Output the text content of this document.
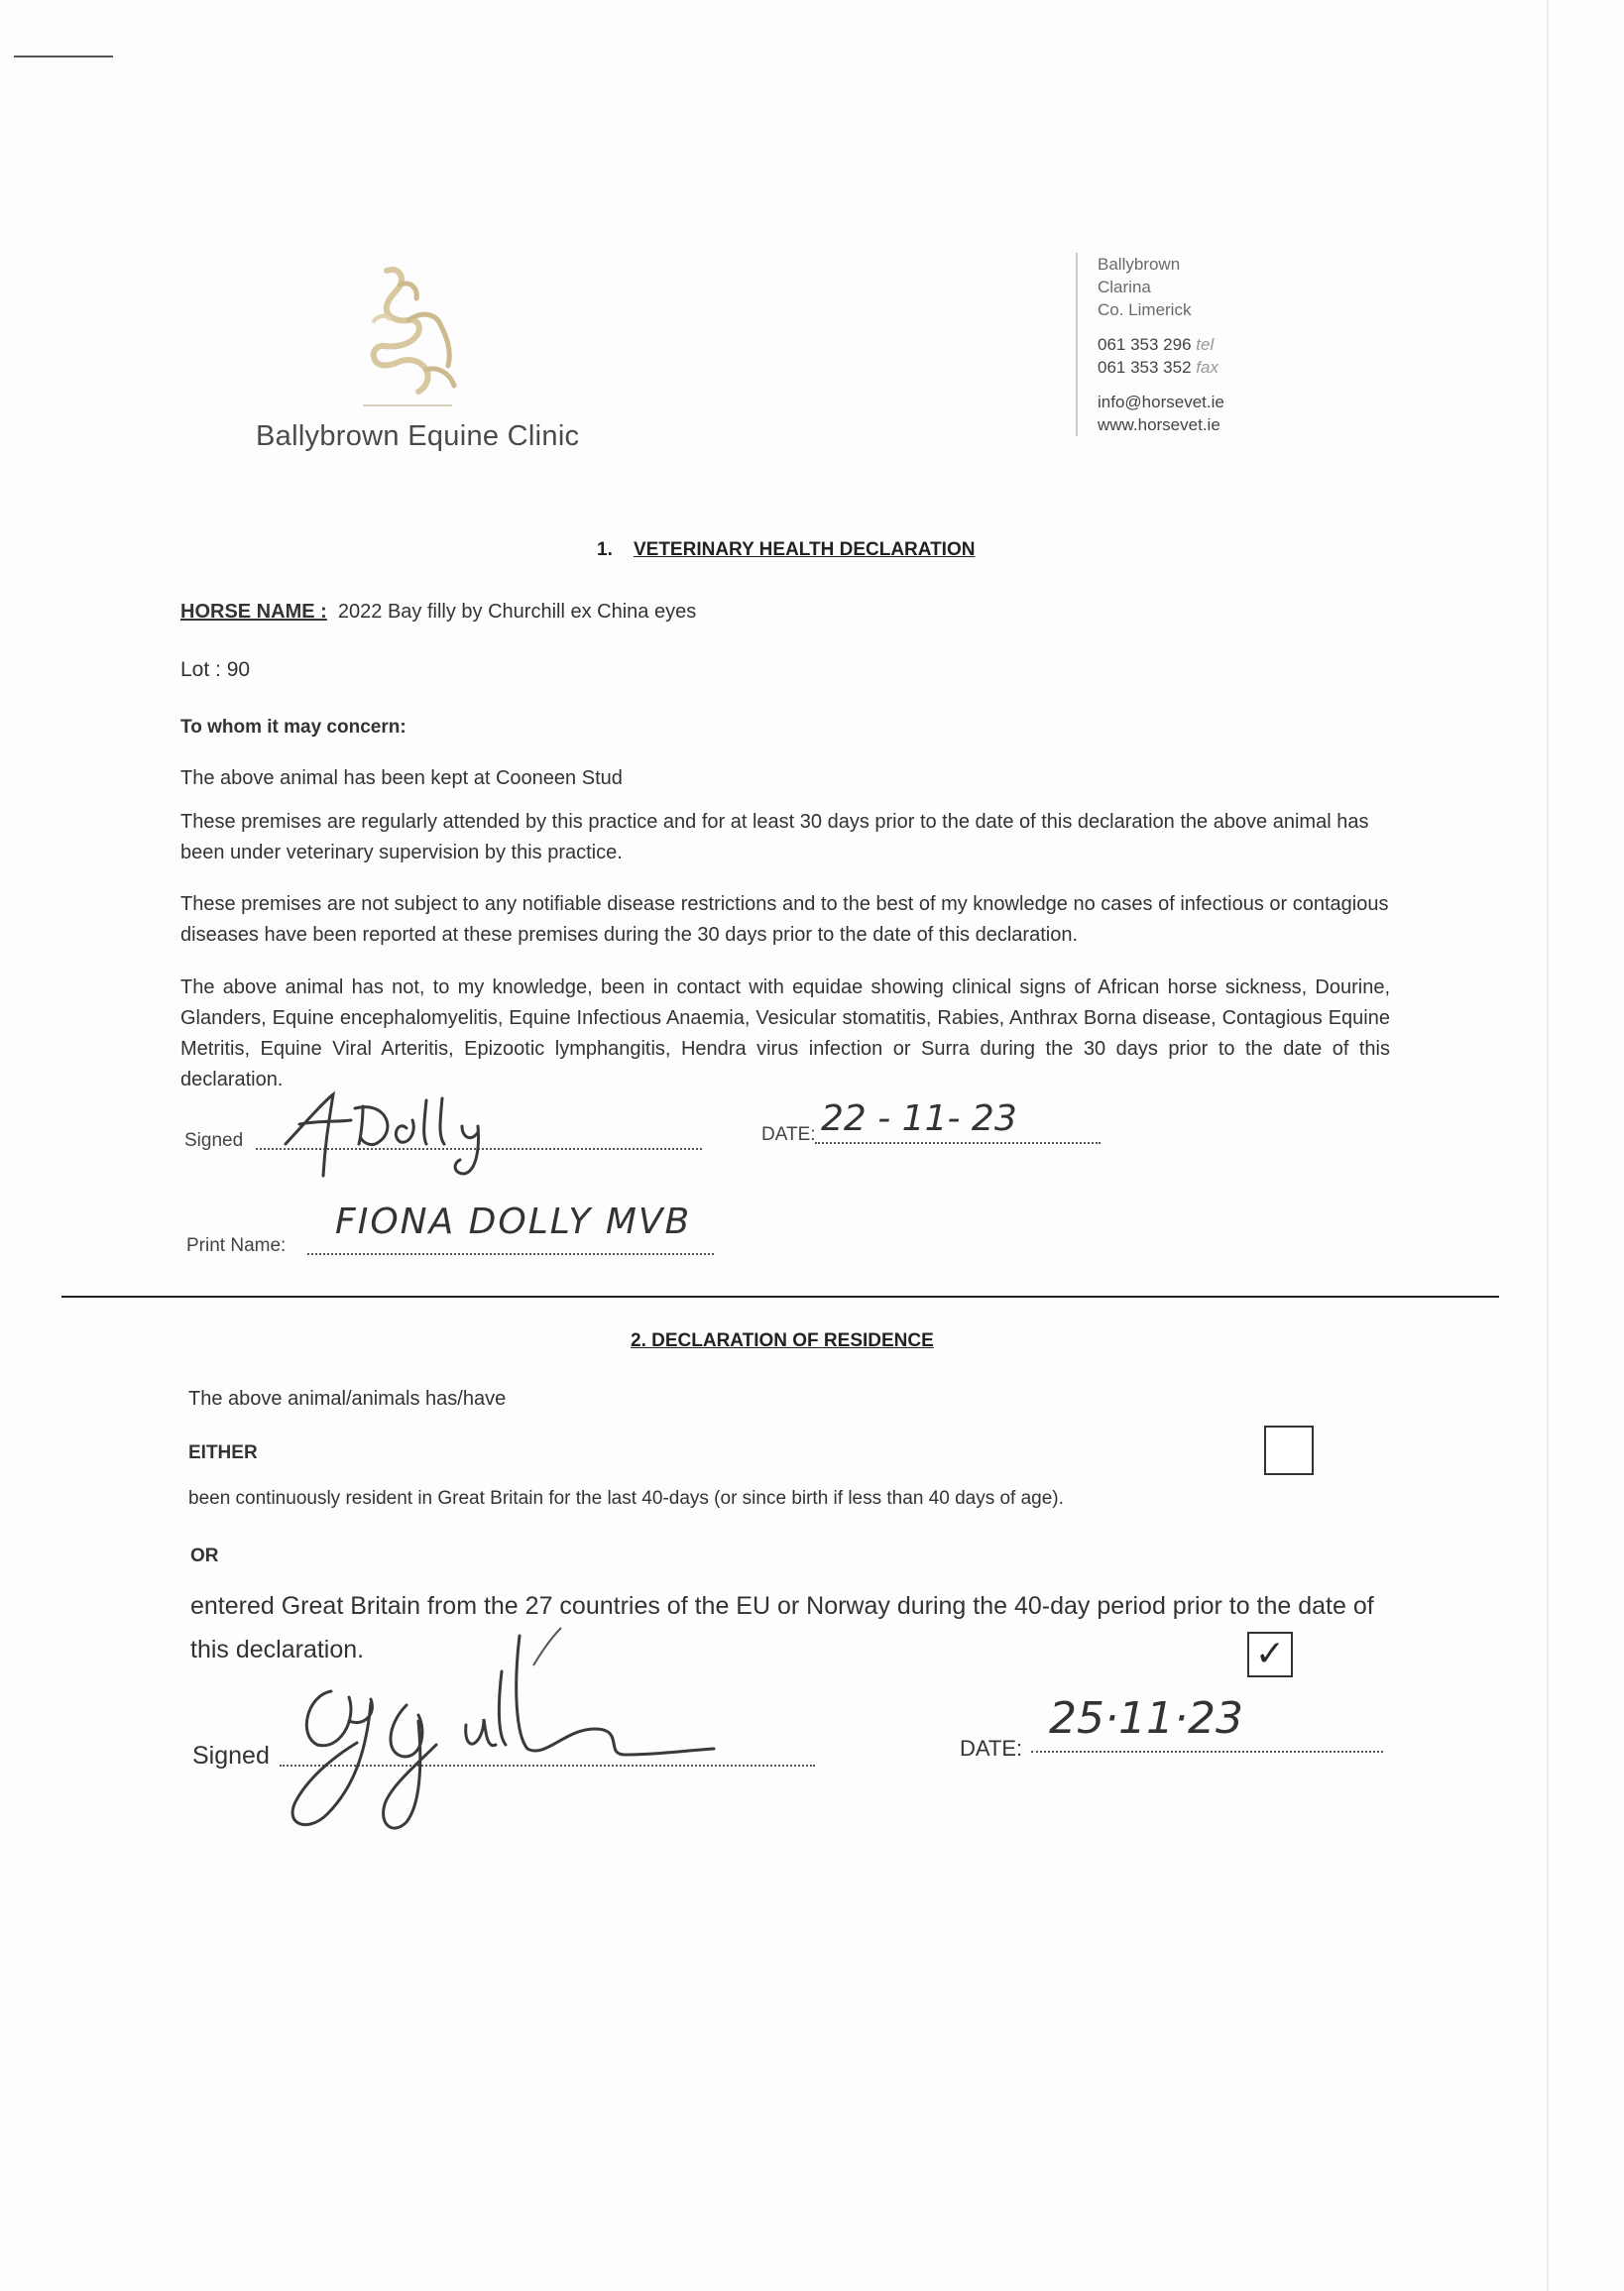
Ballybrown Equine Clinic
Ballybrown
Clarina
Co. Limerick
061 353 296 tel
061 353 352 fax
info@horsevet.ie
www.horsevet.ie
1. VETERINARY HEALTH DECLARATION
HORSE NAME : 2022 Bay filly by Churchill ex China eyes
Lot : 90
To whom it may concern:
The above animal has been kept at Cooneen Stud
These premises are regularly attended by this practice and for at least 30 days prior to the date of this declaration the above animal has been under veterinary supervision by this practice.
These premises are not subject to any notifiable disease restrictions and to the best of my knowledge no cases of infectious or contagious diseases have been reported at these premises during the 30 days prior to the date of this declaration.
The above animal has not, to my knowledge, been in contact with equidae showing clinical signs of African horse sickness, Dourine, Glanders, Equine encephalomyelitis, Equine Infectious Anaemia, Vesicular stomatitis, Rabies, Anthrax Borna disease, Contagious Equine Metritis, Equine Viral Arteritis, Epizootic lymphangitis, Hendra virus infection or Surra during the 30 days prior to the date of this declaration.
Signed	DATE: 22 - 11- 23
Print Name:
FIONA DOLLY MVB
2. DECLARATION OF RESIDENCE
The above animal/animals has/have
EITHER
been continuously resident in Great Britain for the last 40-days (or since birth if less than 40 days of age).
OR
entered Great Britain from the 27 countries of the EU or Norway during the 40-day period prior to the date of this declaration.	✓
Signed	DATE:
25·11·23
